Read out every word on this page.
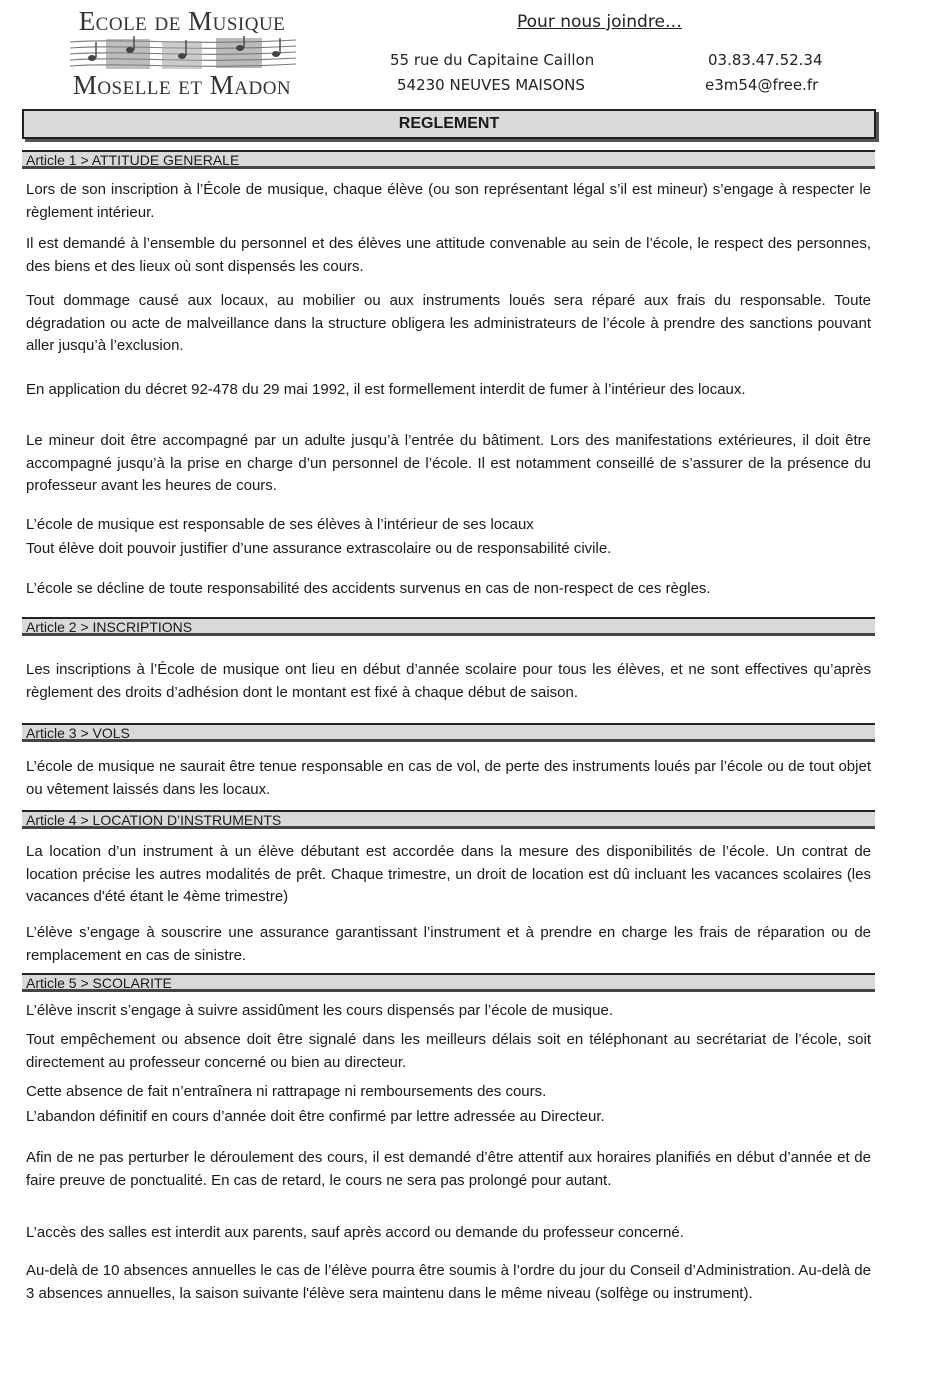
Ecole de Musique
Moselle et Madon
Pour nous joindre…
55 rue du Capitaine Caillon
54230 NEUVES MAISONS
03.83.47.52.34
e3m54@free.fr
REGLEMENT
Article 1 > ATTITUDE GENERALE
Lors de son inscription à l’École de musique, chaque élève (ou son représentant légal s’il est mineur) s’engage à respecter le règlement intérieur.
Il est demandé à l’ensemble du personnel et des élèves une attitude convenable au sein de l’école, le respect des personnes, des biens et des lieux où sont dispensés les cours.
Tout dommage causé aux locaux, au mobilier ou aux instruments loués sera réparé aux frais du responsable. Toute dégradation ou acte de malveillance dans la structure obligera les administrateurs de l’école à prendre des sanctions pouvant aller jusqu’à l’exclusion.
En application du décret 92-478 du 29 mai 1992, il est formellement interdit de fumer à l’intérieur des locaux.
Le mineur doit être accompagné par un adulte jusqu’à l’entrée du bâtiment. Lors des manifestations extérieures, il doit être accompagné jusqu’à la prise en charge d’un personnel de l’école. Il est notamment conseillé de s’assurer de la présence du professeur avant les heures de cours.
L’école de musique est responsable de ses élèves à l’intérieur de ses locaux
Tout élève doit pouvoir justifier d’une assurance extrascolaire ou de responsabilité civile.
L’école se décline de toute responsabilité des accidents survenus en cas de non-respect de ces règles.
Article 2 > INSCRIPTIONS
Les inscriptions à l’École de musique ont lieu en début d’année scolaire pour tous les élèves, et ne sont effectives qu’après règlement des droits d’adhésion dont le montant est fixé à chaque début de saison.
Article 3 > VOLS
L’école de musique ne saurait être tenue responsable en cas de vol, de perte des instruments loués par l’école ou de tout objet ou vêtement laissés dans les locaux.
Article 4 > LOCATION D’INSTRUMENTS
La location d’un instrument à un élève débutant est accordée dans la mesure des disponibilités de l’école. Un contrat de location précise les autres modalités de prêt. Chaque trimestre, un droit de location est dû incluant les vacances scolaires (les vacances d'été étant le 4ème trimestre)
L’élève s’engage à souscrire une assurance garantissant l’instrument et à prendre en charge les frais de réparation ou de remplacement en cas de sinistre.
Article 5 > SCOLARITE
L’élève inscrit s’engage à suivre assidûment les cours dispensés par l’école de musique.
Tout empêchement ou absence doit être signalé dans les meilleurs délais soit en téléphonant au secrétariat de l’école, soit directement au professeur concerné ou bien au directeur.
Cette absence de fait n’entraînera ni rattrapage ni remboursements des cours.
L’abandon définitif en cours d’année doit être confirmé par lettre adressée au Directeur.
Afin de ne pas perturber le déroulement des cours, il est demandé d’être attentif aux horaires planifiés en début d’année et de faire preuve de ponctualité. En cas de retard, le cours ne sera pas prolongé pour autant.
L’accès des salles est interdit aux parents, sauf après accord ou demande du professeur concerné.
Au-delà de 10 absences annuelles le cas de l’élève pourra être soumis à l’ordre du jour du Conseil d’Administration. Au-delà de 3 absences annuelles, la saison suivante l'élève sera maintenu dans le même niveau (solfège ou instrument).
